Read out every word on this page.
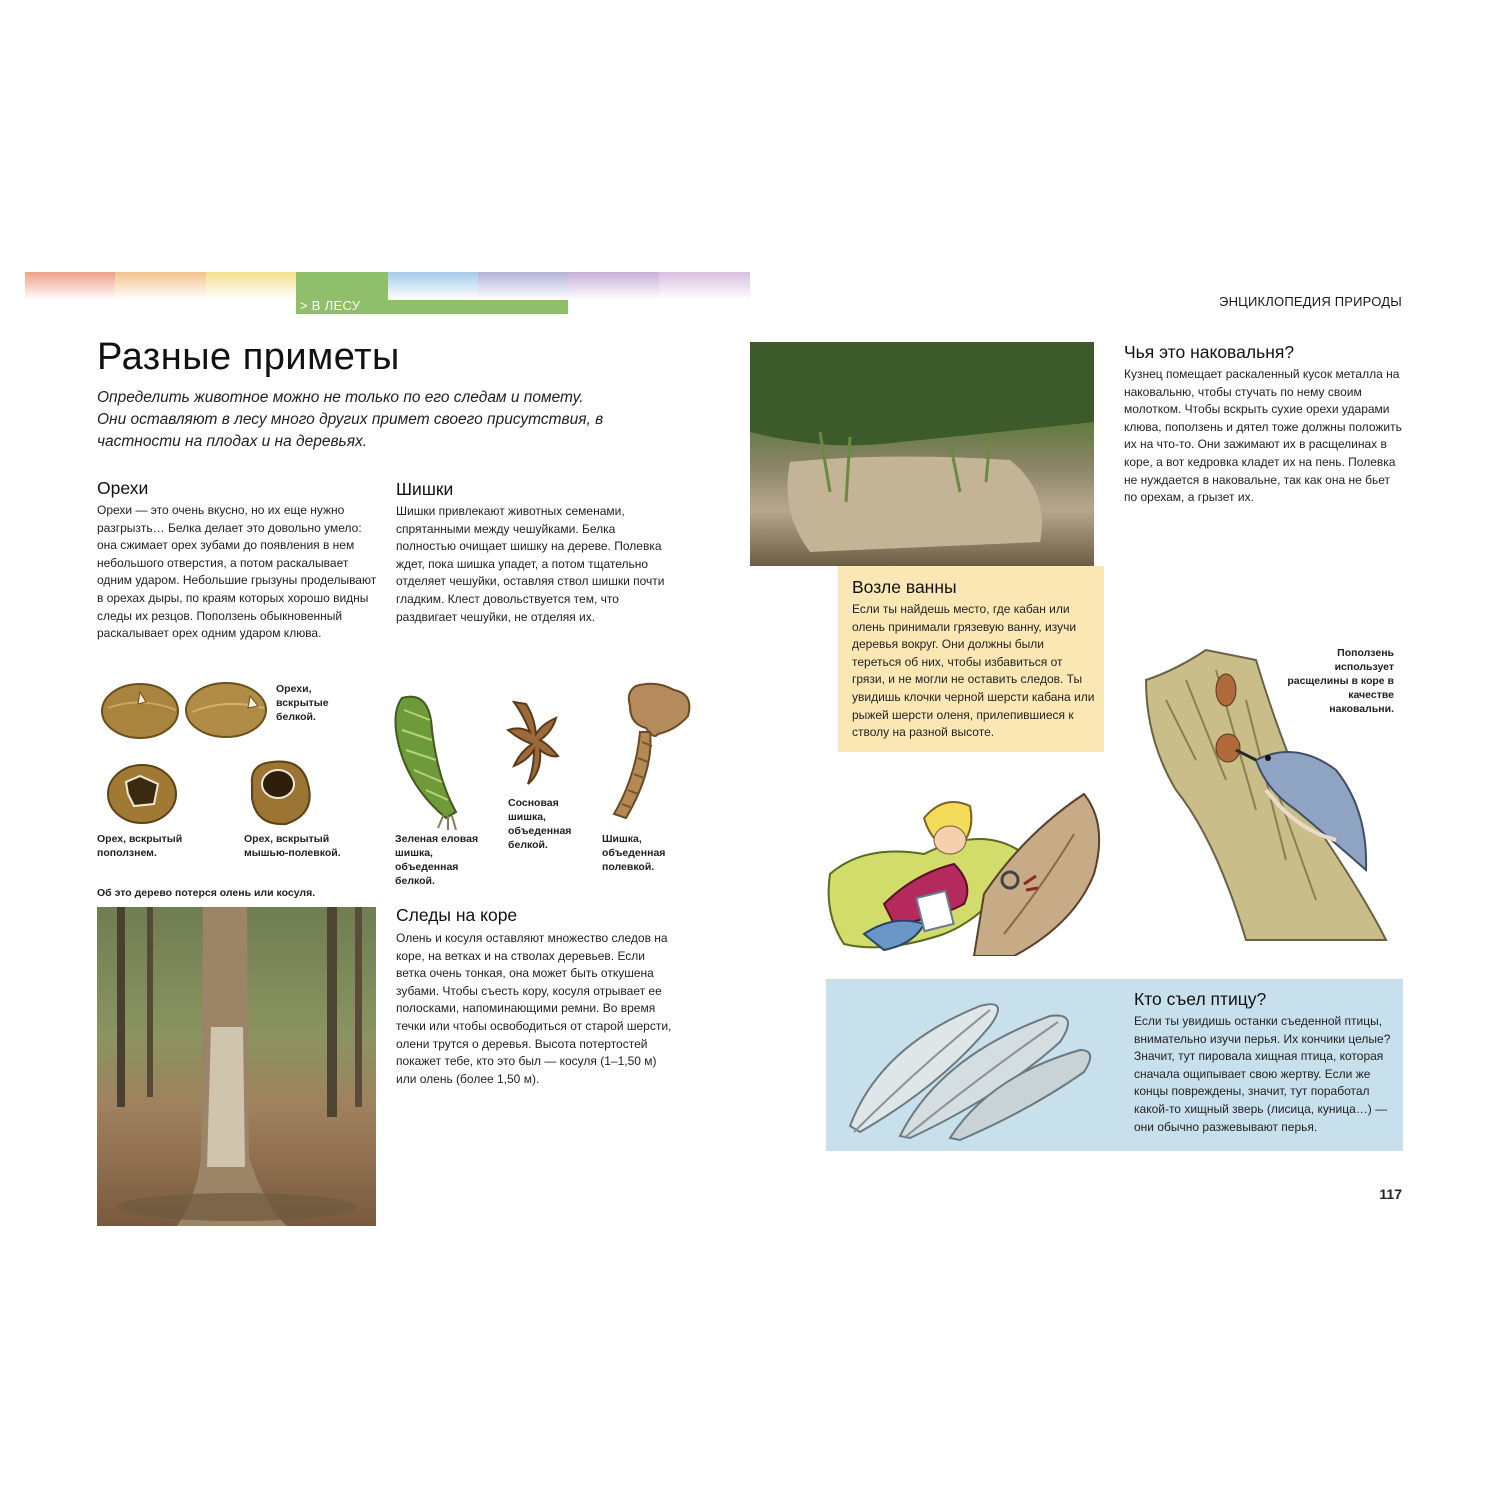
> В ЛЕСУ	ЭНЦИКЛОПЕДИЯ ПРИРОДЫ
Разные приметы

Определить животное можно не только по его следам и помету. Они оставляют в лесу много других примет своего присутствия, в частности на плодах и на деревьях.

Орехи

Орехи — это очень вкусно, но их еще нужно разгрызть… Белка делает это довольно умело: она сжимает орех зубами до появления в нем небольшого отверстия, а потом раскалывает одним ударом. Небольшие грызуны проделывают в орехах дыры, по краям которых хорошо видны следы их резцов. Поползень обыкновенный раскалывает орех одним ударом клюва.

Шишки

Шишки привлекают животных семенами, спрятанными между чешуйками. Белка полностью очищает шишку на дереве. Полевка ждет, пока шишка упадет, а потом тщательно отделяет чешуйки, оставляя ствол шишки почти гладким. Клест довольствуется тем, что раздвигает чешуйки, не отделяя их.

Орехи, вскрытые белкой.
Орех, вскрытый поползнем.
Орех, вскрытый мышью-полевкой.
Зеленая еловая шишка, объеденная белкой.
Сосновая шишка, объеденная белкой.	Шишка, объеденная полевкой.
Об это дерево потерся олень или косуля.
Следы на коре

Олень и косуля оставляют множество следов на коре, на ветках и на стволах деревьев. Если ветка очень тонкая, она может быть откушена зубами. Чтобы съесть кору, косуля отрывает ее полосками, напоминающими ремни. Во время течки или чтобы освободиться от старой шерсти, олени трутся о деревья. Высота потертостей покажет тебе, кто это был — косуля (1–1,50 м) или олень (более 1,50 м).

Чья это наковальня?

Кузнец помещает раскаленный кусок металла на наковальню, чтобы стучать по нему своим молотком. Чтобы вскрыть сухие орехи ударами клюва, поползень и дятел тоже должны положить их на что-то. Они зажимают их в расщелинах в коре, а вот кедровка кладет их на пень. Полевка не нуждается в наковальне, так как она не бьет по орехам, а грызет их.

Возле ванны

Если ты найдешь место, где кабан или олень принимали грязевую ванну, изучи деревья вокруг. Они должны были тереться об них, чтобы избавиться от грязи, и не могли не оставить следов. Ты увидишь клочки черной шерсти кабана или рыжей шерсти оленя, прилепившиеся к стволу на разной высоте.

Поползень использует расщелины в коре в качестве наковальни.
Кто съел птицу?

Если ты увидишь останки съеденной птицы, внимательно изучи перья. Их кончики целые? Значит, тут пировала хищная птица, которая сначала ощипывает свою жертву. Если же концы повреждены, значит, тут поработал какой-то хищный зверь (лисица, куница…) — они обычно разжевывают перья.

117
